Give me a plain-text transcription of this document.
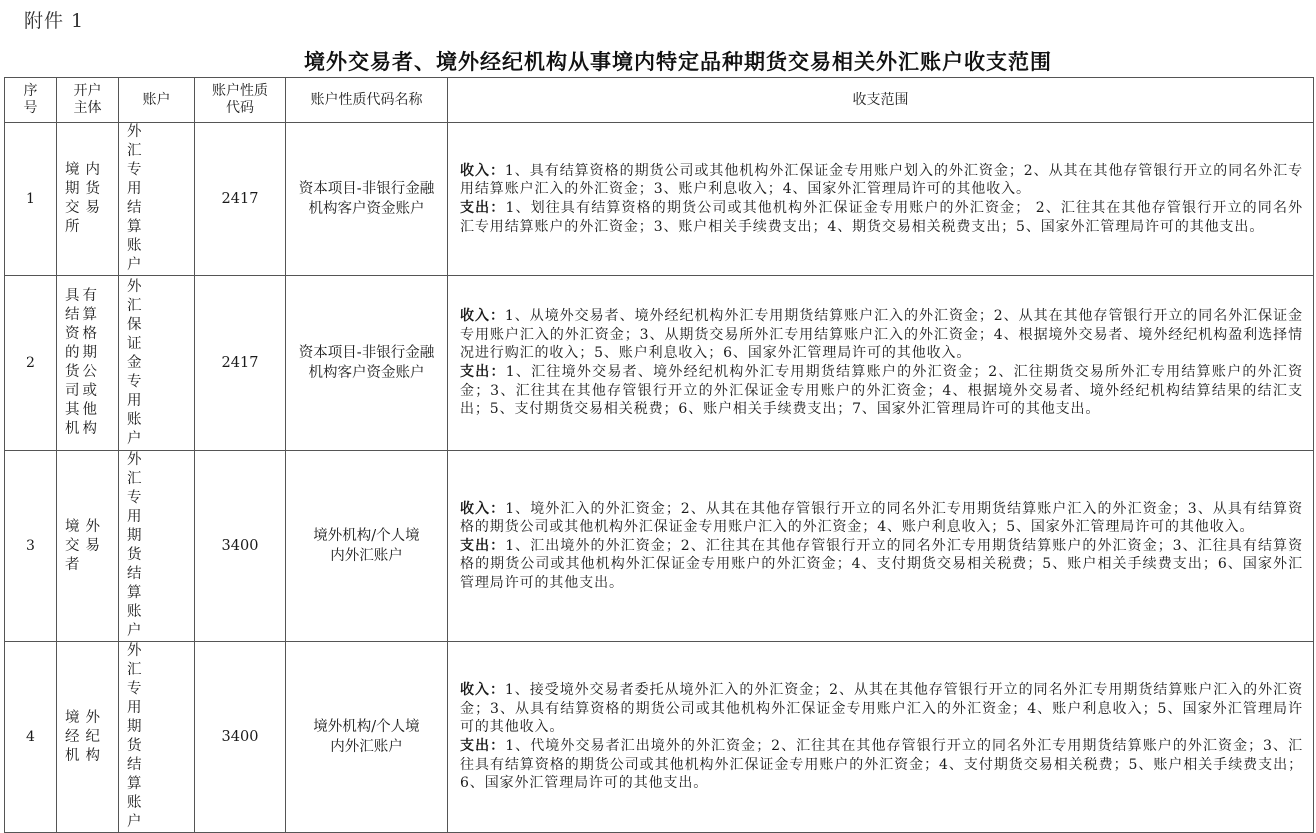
附件 1
境外交易者、境外经纪机构从事境内特定品种期货交易相关外汇账户收支范围
序号	开户主体	账户	账户性质代码	账户性质代码名称	收支范围
1	境内期货交易所	外汇专用结算账户	2417	资本项目-非银行金融机构客户资金账户	收入：1、具有结算资格的期货公司或其他机构外汇保证金专用账户划入的外汇资金；2、从其在其他存管银行开立的同名外汇专用结算账户汇入的外汇资金；3、账户利息收入；4、国家外汇管理局许可的其他收入。
支出：1、划往具有结算资格的期货公司或其他机构外汇保证金专用账户的外汇资金； 2、汇往其在其他存管银行开立的同名外汇专用结算账户的外汇资金；3、账户相关手续费支出；4、期货交易相关税费支出；5、国家外汇管理局许可的其他支出。

2	具有结算资格的期货公司或其他机构	外汇保证金专用账户	2417	资本项目-非银行金融机构客户资金账户	收入：1、从境外交易者、境外经纪机构外汇专用期货结算账户汇入的外汇资金；2、从其在其他存管银行开立的同名外汇保证金专用账户汇入的外汇资金；3、从期货交易所外汇专用结算账户汇入的外汇资金；4、根据境外交易者、境外经纪机构盈利选择情况进行购汇的收入；5、账户利息收入；6、国家外汇管理局许可的其他收入。
支出：1、汇往境外交易者、境外经纪机构外汇专用期货结算账户的外汇资金；2、汇往期货交易所外汇专用结算账户的外汇资金；3、汇往其在其他存管银行开立的外汇保证金专用账户的外汇资金；4、根据境外交易者、境外经纪机构结算结果的结汇支出；5、支付期货交易相关税费；6、账户相关手续费支出；7、国家外汇管理局许可的其他支出。

3	境外交易者	外汇专用期货结算账户	3400	境外机构/个人境内外汇账户	收入：1、境外汇入的外汇资金；2、从其在其他存管银行开立的同名外汇专用期货结算账户汇入的外汇资金；3、从具有结算资格的期货公司或其他机构外汇保证金专用账户汇入的外汇资金；4、账户利息收入；5、国家外汇管理局许可的其他收入。
支出：1、汇出境外的外汇资金；2、汇往其在其他存管银行开立的同名外汇专用期货结算账户的外汇资金；3、汇往具有结算资格的期货公司或其他机构外汇保证金专用账户的外汇资金；4、支付期货交易相关税费；5、账户相关手续费支出；6、国家外汇管理局许可的其他支出。

4	境外经纪机构	外汇专用期货结算账户	3400	境外机构/个人境内外汇账户	收入：1、接受境外交易者委托从境外汇入的外汇资金；2、从其在其他存管银行开立的同名外汇专用期货结算账户汇入的外汇资金；3、从具有结算资格的期货公司或其他机构外汇保证金专用账户汇入的外汇资金；4、账户利息收入；5、国家外汇管理局许可的其他收入。
支出：1、代境外交易者汇出境外的外汇资金；2、汇往其在其他存管银行开立的同名外汇专用期货结算账户的外汇资金；3、汇往具有结算资格的期货公司或其他机构外汇保证金专用账户的外汇资金；4、支付期货交易相关税费；5、账户相关手续费支出；6、国家外汇管理局许可的其他支出。
